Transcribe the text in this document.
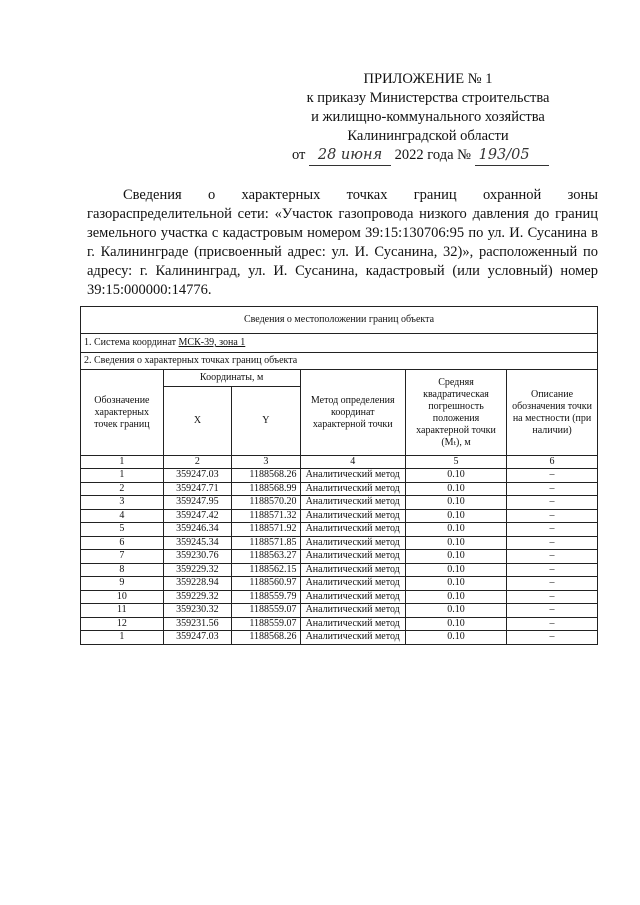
ПРИЛОЖЕНИЕ № 1
к приказу Министерства строительства
и жилищно-коммунального хозяйства
Калининградской области
от 28 июня 2022 года № 193/05
Сведения о характерных точках границ охранной зоны газораспределительной сети: «Участок газопровода низкого давления до границ земельного участка с кадастровым номером 39:15:130706:95 по ул. И. Сусанина в г. Калининграде (присвоенный адрес: ул. И. Сусанина, 32)», расположенный по адресу: г. Калининград, ул. И. Сусанина, кадастровый (или условный) номер 39:15:000000:14776.
Сведения о местоположении границ объекта					
1. Система координат МСК-39, зона 1					
2. Сведения о характерных точках границ объекта					
Обозначение характерных точек границ	Координаты, м		Метод определения координат характерной точки	Средняя квадратическая погрешность положения характерной точки (Mₜ), м	Описание обозначения точки на местности (при наличии)
	X	Y			
1	2	3	4	5	6
1	359247.03	1188568.26	Аналитический метод	0.10	–
2	359247.71	1188568.99	Аналитический метод	0.10	–
3	359247.95	1188570.20	Аналитический метод	0.10	–
4	359247.42	1188571.32	Аналитический метод	0.10	–
5	359246.34	1188571.92	Аналитический метод	0.10	–
6	359245.34	1188571.85	Аналитический метод	0.10	–
7	359230.76	1188563.27	Аналитический метод	0.10	–
8	359229.32	1188562.15	Аналитический метод	0.10	–
9	359228.94	1188560.97	Аналитический метод	0.10	–
10	359229.32	1188559.79	Аналитический метод	0.10	–
11	359230.32	1188559.07	Аналитический метод	0.10	–
12	359231.56	1188559.07	Аналитический метод	0.10	–
1	359247.03	1188568.26	Аналитический метод	0.10	–
